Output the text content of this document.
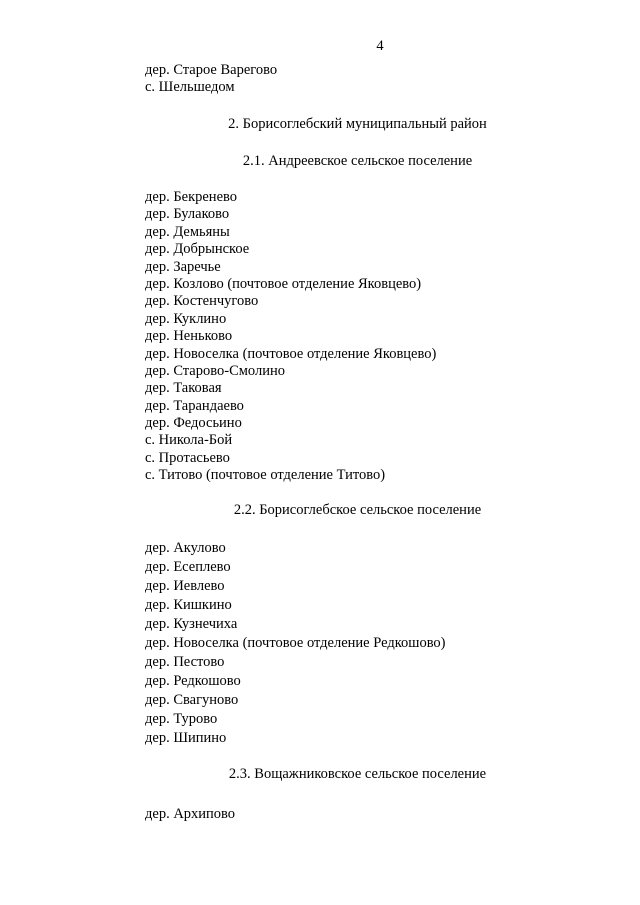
4
дер. Старое Варегово
с. Шельшедом
2. Борисоглебский муниципальный район
2.1. Андреевское сельское поселение
дер. Бекренево
дер. Булаково
дер. Демьяны
дер. Добрынское
дер. Заречье
дер. Козлово (почтовое отделение Яковцево)
дер. Костенчугово
дер. Куклино
дер. Неньково
дер. Новоселка (почтовое отделение Яковцево)
дер. Старово-Смолино
дер. Таковая
дер. Тарандаево
дер. Федосьино
с. Никола-Бой
с. Протасьево
с. Титово (почтовое отделение Титово)
2.2. Борисоглебское сельское поселение
дер. Акулово
дер. Есеплево
дер. Иевлево
дер. Кишкино
дер. Кузнечиха
дер. Новоселка (почтовое отделение Редкошово)
дер. Пестово
дер. Редкошово
дер. Свагуново
дер. Турово
дер. Шипино
2.3. Вощажниковское сельское поселение
дер. Архипово
